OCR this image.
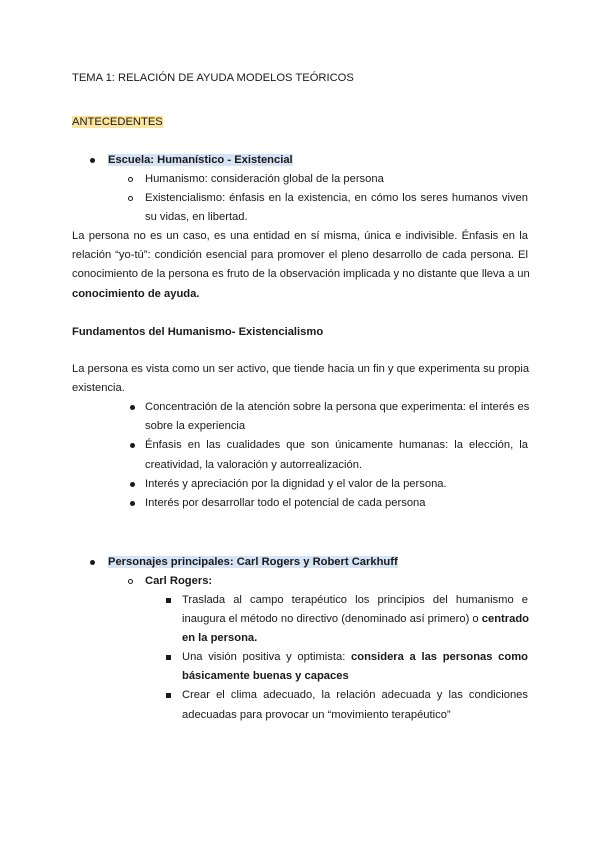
TEMA 1: RELACIÓN DE AYUDA MODELOS TEÓRICOS
ANTECEDENTES
Escuela: Humanístico - Existencial
Humanismo: consideración global de la persona
Existencialismo: énfasis en la existencia, en cómo los seres humanos viven
su vidas, en libertad.
La persona no es un caso, es una entidad en sí misma, única e indivisible. Énfasis en la
relación “yo-tú”: condición esencial para promover el pleno desarrollo de cada persona. El
conocimiento de la persona es fruto de la observación implicada y no distante que lleva a un
conocimiento de ayuda.
Fundamentos del Humanismo- Existencialismo
La persona es vista como un ser activo, que tiende hacia un fin y que experimenta su propia
existencia.
Concentración de la atención sobre la persona que experimenta: el interés es
sobre la experiencia
Énfasis en las cualidades que son únicamente humanas: la elección, la
creatividad, la valoración y autorrealización.
Interés y apreciación por la dignidad y el valor de la persona.
Interés por desarrollar todo el potencial de cada persona
Personajes principales: Carl Rogers y Robert Carkhuff
Carl Rogers:
Traslada al campo terapéutico los principios del humanismo e
inaugura el método no directivo (denominado así primero) o centrado
en la persona.
Una visión positiva y optimista: considera a las personas como
básicamente buenas y capaces
Crear el clima adecuado, la relación adecuada y las condiciones
adecuadas para provocar un “movimiento terapéutico”
